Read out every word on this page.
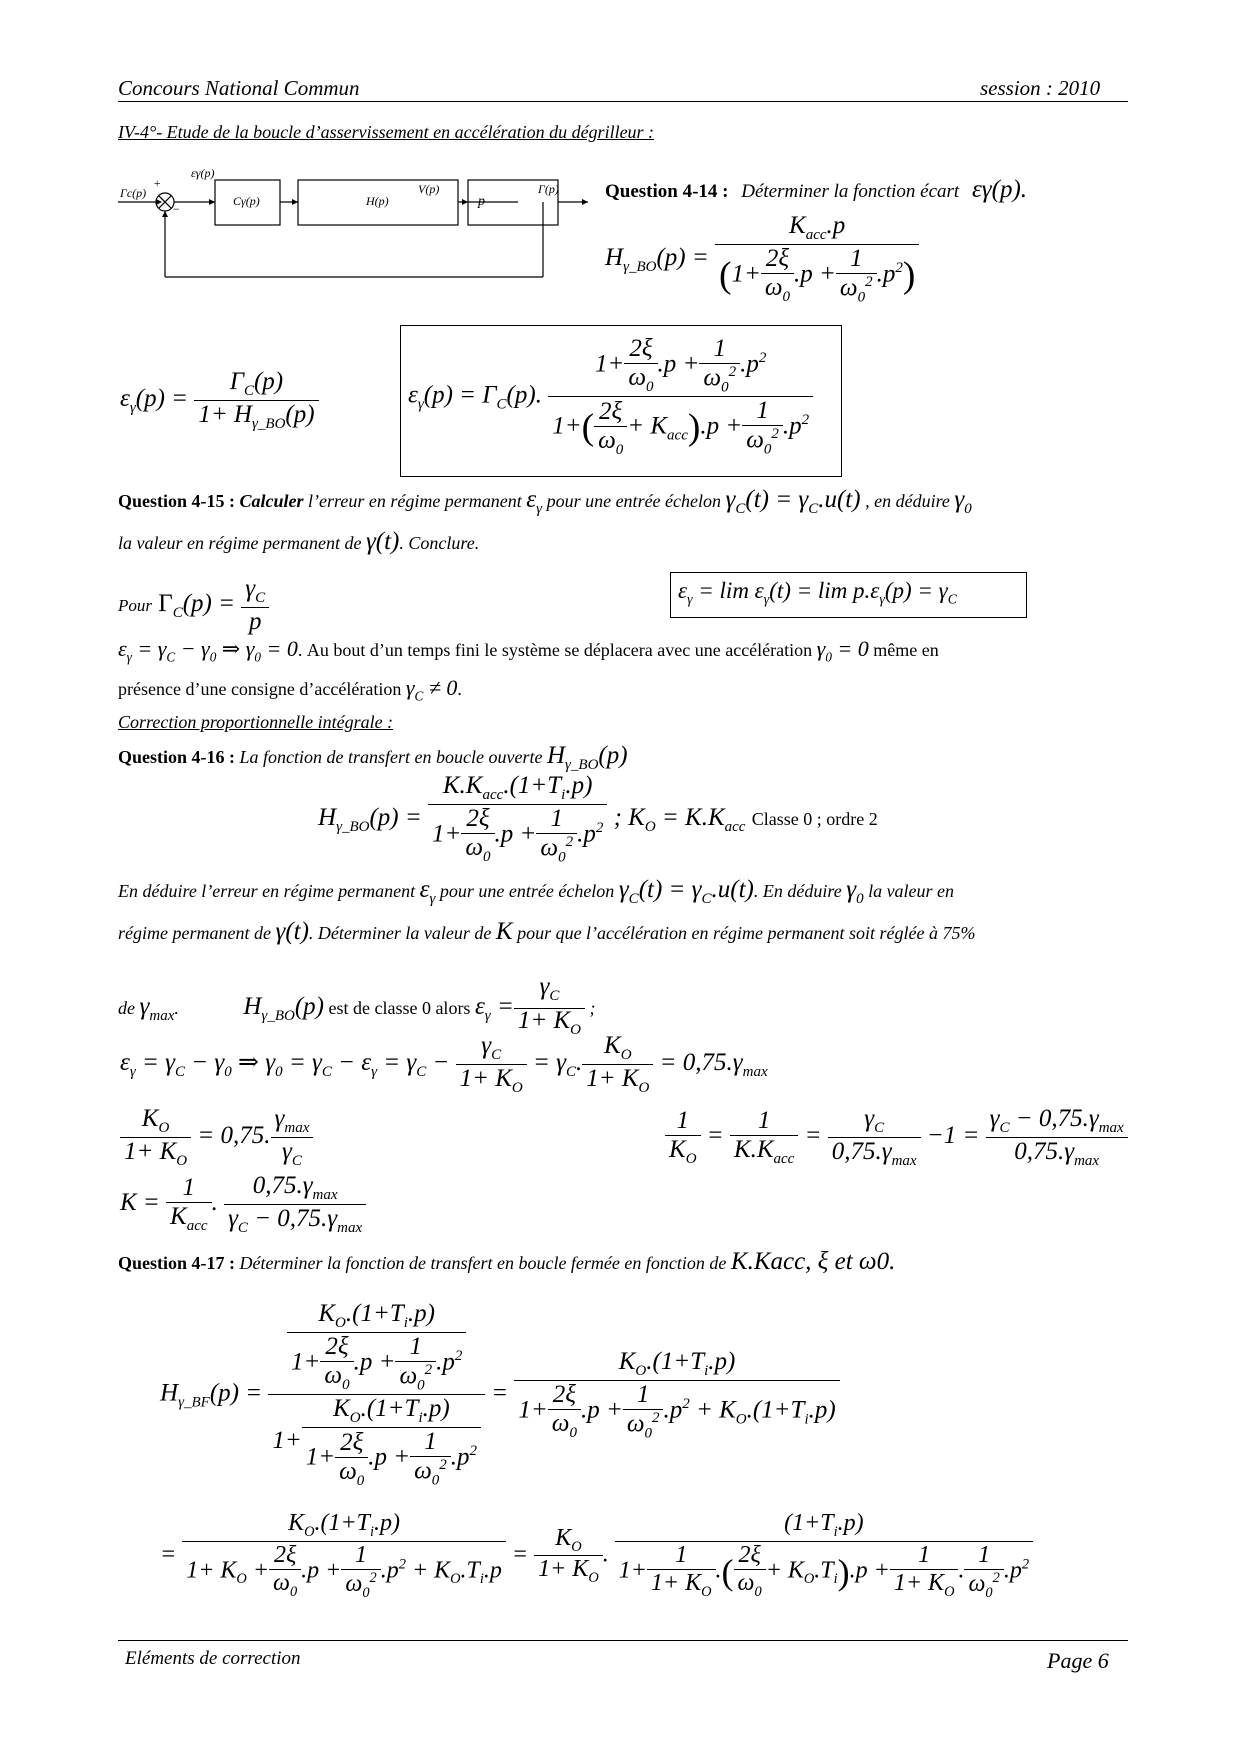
Concours National Commun	session : 2010
IV-4°- Etude de la boucle d’asservissement en accélération du dégrilleur :
Γc(p)
+
−
εγ(p)
Cγ(p)	H(p)
V(p)
p
Γ(p) Question 4-14 : Déterminer la fonction écart εγ(p).
$H_{\gamma\_BO}(p) = \frac{K_{acc}.p}{(1+ \frac{2\xi}{\omega_0} .p + \frac{1}{\omega_0^2} .p^2)}$
$\varepsilon_\gamma(p) = \frac{\Gamma_C(p)}{1+ H_{\gamma\_BO}(p)}$	$\varepsilon_\gamma(p) = \Gamma_C(p)$. $\frac{1+ \frac{2\xi}{\omega_0} .p + \frac{1}{\omega_0^2} .p^2}{1+( \frac{2\xi}{\omega_0} + K_{acc}).p + \frac{1}{\omega_0^2} .p^2}$
Question 4-15 : Calculer l’erreur en régime permanent $\varepsilon_\gamma$ pour une entrée échelon $\gamma_C(t) = \gamma_C.u(t)$ , en déduire $\gamma_0$
la valeur en régime permanent de γ(t). Conclure.
Pour $\Gamma_C(p) = \frac{\gamma_C}{p}$	$\varepsilon_\gamma = \lim \varepsilon_\gamma(t) = \lim p.\varepsilon_\gamma(p) = \gamma_C$
$\varepsilon_\gamma = \gamma_C - \gamma_0$ ⇒ $\gamma_0 = 0$. Au bout d’un temps fini le système se déplacera avec une accélération $\gamma_0 = 0$ même en
présence d’une consigne d’accélération $\gamma_C \ne 0$.
Correction proportionnelle intégrale :
Question 4-16 : La fonction de transfert en boucle ouverte $H_{\gamma\_BO}(p)$
$H_{\gamma\_BO}(p) = \frac{K.K_{acc}.(1+T_i.p)}{1+ \frac{2\xi}{\omega_0} .p + \frac{1}{\omega_0^2} .p^2}$ ; $K_O = K.K_{acc}$ Classe 0 ; ordre 2
En déduire l’erreur en régime permanent $\varepsilon_\gamma$ pour une entrée échelon $\gamma_C(t) = \gamma_C.u(t)$. En déduire $\gamma_0$ la valeur en
régime permanent de γ(t). Déterminer la valeur de K pour que l’accélération en régime permanent soit réglée à 75%
de $\gamma_{max}$. $H_{\gamma\_BO}(p)$ est de classe 0 alors $\varepsilon_\gamma = \frac{\gamma_C}{1+ K_O}$ ;
$\varepsilon_\gamma = \gamma_C - \gamma_0$ ⇒ $\gamma_0 = \gamma_C - \varepsilon_\gamma = \gamma_C - \frac{\gamma_C}{1+ K_O} = \gamma_C$. $\frac{K_O}{1+ K_O} = 0,75.\gamma_{max}$
$\frac{K_O}{1+ K_O} = 0,75$. $\frac{\gamma_{max}}{\gamma_C}$	$\frac{1}{K_O} = \frac{1}{K.K_{acc}} = \frac{\gamma_C}{0,75.\gamma_{max}} -1 = \frac{\gamma_C - 0,75.\gamma_{max}}{0,75.\gamma_{max}}$
$K = \frac{1}{K_{acc}}$ . $\frac{0,75.\gamma_{max}}{\gamma_C - 0,75.\gamma_{max}}$
Question 4-17 : Déterminer la fonction de transfert en boucle fermée en fonction de K.Kacc, ξ et ω0.
$H_{\gamma\_BF}(p) = \frac{\frac{K_O.(1+T_i.p)}{1+ \frac{2\xi}{\omega_0} .p + \frac{1}{\omega_0^2} .p^2}}{1+ \frac{K_O.(1+T_i.p)}{1+ \frac{2\xi}{\omega_0} .p + \frac{1}{\omega_0^2} .p^2}} = \frac{K_O.(1+T_i.p)}{1+ \frac{2\xi}{\omega_0} .p + \frac{1}{\omega_0^2} .p^2 + K_O.(1+T_i.p)}$
= $\frac{K_O.(1+T_i.p)}{1+ K_O + \frac{2\xi}{\omega_0} .p + \frac{1}{\omega_0^2} .p^2 + K_O.T_i.p} = \frac{K_O}{1+ K_O}$ . $\frac{(1+T_i.p)}{1+ \frac{1}{1+ K_O} .( \frac{2\xi}{\omega_0} + K_O.T_i).p + \frac{1}{1+ K_O} . \frac{1}{\omega_0^2} .p^2}$
Eléments de correction	Page 6
